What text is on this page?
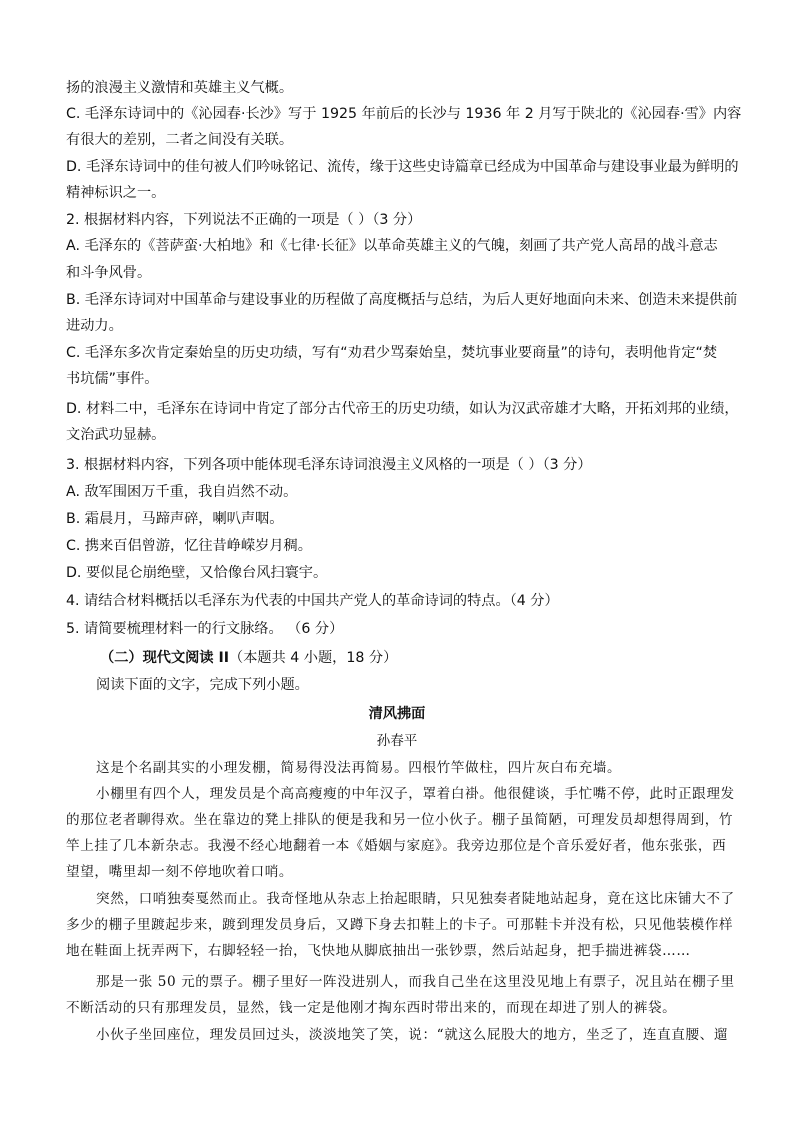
扬的浪漫主义激情和英雄主义气概。
C. 毛泽东诗词中的《沁园春·长沙》写于 1925 年前后的长沙与 1936 年 2 月写于陕北的《沁园春·雪》内容
有很大的差别，二者之间没有关联。
D. 毛泽东诗词中的佳句被人们吟咏铭记、流传，缘于这些史诗篇章已经成为中国革命与建设事业最为鲜明的
精神标识之一。
2. 根据材料内容，下列说法不正确的一项是（ ）（3 分）
A. 毛泽东的《菩萨蛮·大柏地》和《七律·长征》以革命英雄主义的气魄，刻画了共产党人高昂的战斗意志
和斗争风骨。
B. 毛泽东诗词对中国革命与建设事业的历程做了高度概括与总结，为后人更好地面向未来、创造未来提供前
进动力。
C. 毛泽东多次肯定秦始皇的历史功绩，写有“劝君少骂秦始皇，焚坑事业要商量”的诗句，表明他肯定“焚
书坑儒”事件。
D. 材料二中，毛泽东在诗词中肯定了部分古代帝王的历史功绩，如认为汉武帝雄才大略，开拓刘邦的业绩，
文治武功显赫。
3. 根据材料内容，下列各项中能体现毛泽东诗词浪漫主义风格的一项是（ ）（3 分）
A. 敌军围困万千重，我自岿然不动。
B. 霜晨月，马蹄声碎，喇叭声咽。
C. 携来百侣曾游，忆往昔峥嵘岁月稠。
D. 要似昆仑崩绝壁，又恰像台风扫寰宇。
4. 请结合材料概括以毛泽东为代表的中国共产党人的革命诗词的特点。（4 分）
5. 请简要梳理材料一的行文脉络。 （6 分）
（二）现代文阅读 II（本题共 4 小题，18 分）
阅读下面的文字，完成下列小题。
清风拂面
孙春平
这是个名副其实的小理发棚，简易得没法再简易。四根竹竿做柱，四片灰白布充墙。
小棚里有四个人，理发员是个高高瘦瘦的中年汉子，罩着白褂。他很健谈，手忙嘴不停，此时正跟理发
的那位老者聊得欢。坐在靠边的凳上排队的便是我和另一位小伙子。棚子虽简陋，可理发员却想得周到，竹
竿上挂了几本新杂志。我漫不经心地翻着一本《婚姻与家庭》。我旁边那位是个音乐爱好者，他东张张，西
望望，嘴里却一刻不停地吹着口哨。
突然，口哨独奏戛然而止。我奇怪地从杂志上抬起眼睛，只见独奏者陡地站起身，竟在这比床铺大不了
多少的棚子里踱起步来，踱到理发员身后，又蹲下身去扣鞋上的卡子。可那鞋卡并没有松，只见他装模作样
地在鞋面上抚弄两下，右脚轻轻一抬，飞快地从脚底抽出一张钞票，然后站起身，把手揣进裤袋……
那是一张 50 元的票子。棚子里好一阵没进别人，而我自己坐在这里没见地上有票子，况且站在棚子里
不断活动的只有那理发员，显然，钱一定是他刚才掏东西时带出来的，而现在却进了别人的裤袋。
小伙子坐回座位，理发员回过头，淡淡地笑了笑，说：“就这么屁股大的地方，坐乏了，连直直腰、遛
